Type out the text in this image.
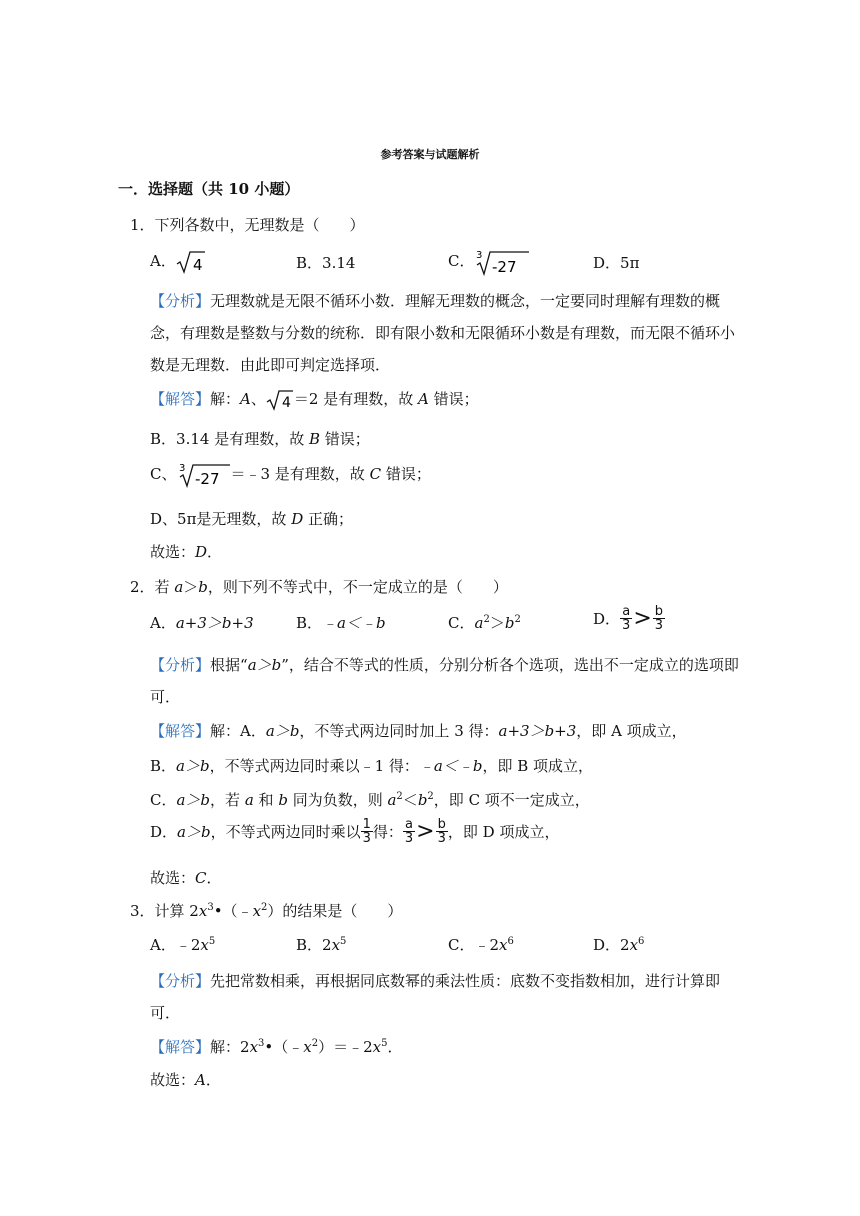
参考答案与试题解析
一．选择题（共 10 小题）
1．下列各数中，无理数是（　　）
A． 4	B．3.14	C． 3
-27	D．5π
【分析】无理数就是无限不循环小数．理解无理数的概念，一定要同时理解有理数的概念，有理数是整数与分数的统称．即有限小数和无限循环小数是有理数，而无限不循环小数是无理数．由此即可判定选择项．
【解答】解：A、 4 ＝2 是有理数，故 A 错误；
B．3.14 是有理数，故 B 错误；
C、 3
-27 ＝﹣3 是有理数，故 C 错误；
D、5π是无理数，故 D 正确；
故选：D．
2．若 a＞b，则下列不等式中，不一定成立的是（　　）
A．a+3＞b+3	B．﹣a＜﹣b	C．$a^2>b^2$	D． $\frac{a}{3} > \frac{b}{3}$
【分析】根据“a＞b”，结合不等式的性质，分别分析各个选项，选出不一定成立的选项即可．
【解答】解：A．a＞b，不等式两边同时加上 3 得：a+3＞b+3，即 A 项成立，
B．a＞b，不等式两边同时乘以﹣1 得：﹣a＜﹣b，即 B 项成立，
C．a＞b，若 a 和 b 同为负数，则 $a^2<b^2$，即 C 项不一定成立，
D．a＞b，不等式两边同时乘以 $\frac{1}{3}$ 得： $\frac{a}{3} > \frac{b}{3}$ ，即 D 项成立，
故选：C．
3．计算 $2x^3•(﹣x^2)$的结果是（　　）
A．$﹣2x^5$	B．$2x^5$	C．$﹣2x^6$	D．$2x^6$
【分析】先把常数相乘，再根据同底数幂的乘法性质：底数不变指数相加，进行计算即可．
【解答】解：$2x^3•(﹣x^2)=﹣2x^5$．
故选：A．
